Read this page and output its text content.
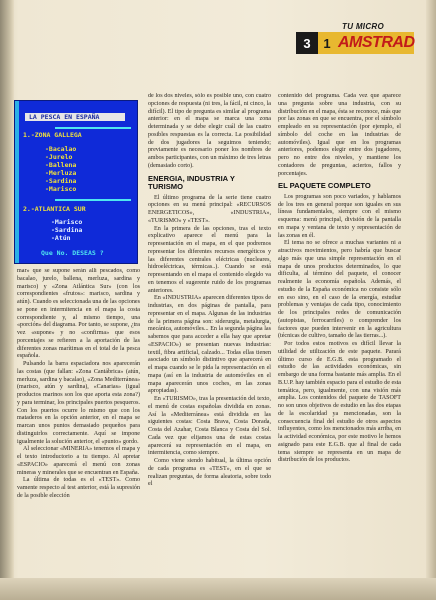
TU MICRO
3 1 AMSTRAD
LA PESCA EN ESPAÑA
1.-ZONA GALLEGA
-Bacalao
-Jurelo
-Ballena
-Merluza
-Sardina
-Marisco
2.-ATLANTICA SUR
-Marisco
-Sardina
-Atún
Que No. DESEAS ?

mar» que se supone serán allí pescados, como bacalao, jurelo, ballena, merluza, sardina y marisco) y «Zona Atlántica Sur» (con los correspondientes «frutos»: marisco, sardina y atún). Cuando es seleccionada una de las opciones se pone en intermitencia en el mapa la costa correspondiente y, al mismo tiempo, una «porción» del diagrama. Por tanto, se supone, ¿tra vez «supone» y no «confirma» que esos porcentajes se refieren a la aportación de las diferentes zonas marítimas en el total de la pesca española.

Pulsando la barra espaciadora nos aparecerán las costas (que fallan: «Zona Cantábrica» (atún, merluza, sardina y bacalao), «Zona Mediterránea» (marisco, atún y sardina), «Canarias» (igual productos marinos son los que aporta esta zona?) y para terminar, los principales puertos pesqueros. Con los puertos ocurre lo mismo que con los mataderos en la opción anterior, en el mapa se marcan unos puntos demasiado pequeños para distinguirlos correctamente. Aquí se impone igualmente la solución anterior, el «punto» gordo.

Al seleccionar «MINERIA» tenemos el mapa y el texto introductorio a tu tiempo. Al apretar «ESPACIO» aparecerá el menú con zonas mineras y minerales que se encuentran en España.

La última de todas es el «TEST». Como vamente respecto al test anterior, está la supresión de la posible elección

de los dos niveles, sólo es posible uno, con cuatro opciones de respuesta (ni tres, la fácil, ni cinco, la difícil). El tipo de pregunta es similar al programa anterior: en el mapa se marca una zona determinada y se debe elegir cuál de las cuatro posibles respuestas es la correcta. La posibilidad de dos jugadores la seguimos teniendo; previamente es necesario poner los nombres de ambos participantes, con un máximo de tres letras (demasiado corto).

ENERGIA, INDUSTRIA Y TURISMO

El último programa de la serie tiene cuatro opciones en su menú principal: «RECURSOS ENERGETICOS», «INDUSTRIA», «TURISMO» y «TEST».

En la primera de las opciones, tras el texto explicativo aparece el menú para la representación en el mapa, en el que podremos representar los diferentes recursos energéticos y las diferentes centrales eléctricas (nucleares, hidroeléctricas, térmicas..). Cuando se está representando en el mapa el contenido elegido va en tenemos el sugerente ruido de los programas anteriores.

En «INDUSTRIA» aparecen diferentes tipos de industrias, en dos páginas de pantalla, para representar en el mapa. Algunas de las industrias de la primera página son: siderurgia, metalurgia, mecánica, automóviles... En la segunda página las sabemos que para acceder a ella hay que apretar «ESPACIO») se presentan nuevas industrias: textil, fibra artificial, calzado... Todas ellas tienen asociado un símbolo distintivo que aparecerá en el mapa cuando se le pida la representación en el mapa (así en la industria de automóviles en el mapa aparecerán unos coches, en las zonas apropiadas).

En «TURISMO», tras la presentación del texto, el menú de costas españolas dividida en zonas. Así la «Mediterránea» está dividida en las siguientes costas: Costa Brava, Costa Dorada, Costa del Azahar, Costa Blanca y Costa del Sol. Cada vez que elijamos una de estas costas aparecerá su representación en el mapa, en intermitencia, como siempre.

Como viene siendo habitual, la última opción de cada programa es «TEST», en el que se realizan preguntas, de forma aleatoria, sobre todo el

contenido del programa. Cada vez que aparece una pregunta sobre una industria, con su distribución en el mapa, ésta se reconoce, más que por las zonas en que se encuentra, por el símbolo empleado en su representación (por ejemplo, el símbolo del coche en las industrias de automóviles). Igual que en los programas anteriores, podemos elegir entre dos jugadores, pero no entre dos niveles, y mantiene los contadores de preguntas, aciertos, fallos y porcentajes.

EL PAQUETE COMPLETO

Los programas son poco variados, y hablamos de los tres en general porque son iguales en sus líneas fundamentales, siempre con el mismo esquema: menú principal, división de la pantalla en mapa y ventana de texto y representación de las zonas en él.

El tema no se ofrece a muchas variantes ni a atractivos movimientos, pero habría que buscar algo más que una simple representación en el mapa de unos productos determinados, lo que dificulta, al término del paquete, el conocer realmente la economía española. Además, el estudio de la España económica no consiste sólo en eso sino, en el caso de la energía, estudiar problemas y ventajas de cada tipo, conocimiento de los principales redes de comunicación (autopistas, ferrocarriles) o comprender los factores que pueden intervenir en la agricultura (técnicas de cultivo, tamaño de las tierras...).

Por todos estos motivos es difícil llevar la utilidad de utilización de este paquete. Parará último curso de E.G.B. esta programado el estudio de las actividades económicas, sin embargo de una forma bastante más amplia. En el B.U.P. hay también espacio para el estudio de esta temática, pero, igualmente, con una visión más amplia. Los contenidos del paquete de TASOFT no son unos objetivos de estudio en las dos etapas de la escolaridad ya mencionadas, son la consecuencia final del estudio de otros aspectos influyentes, como los mencionados más arriba, en la actividad económica, por este motivo le hemos asignado para este E.G.B. que al final de cada tema siempre se representa en un mapa de distribución de los productos.
